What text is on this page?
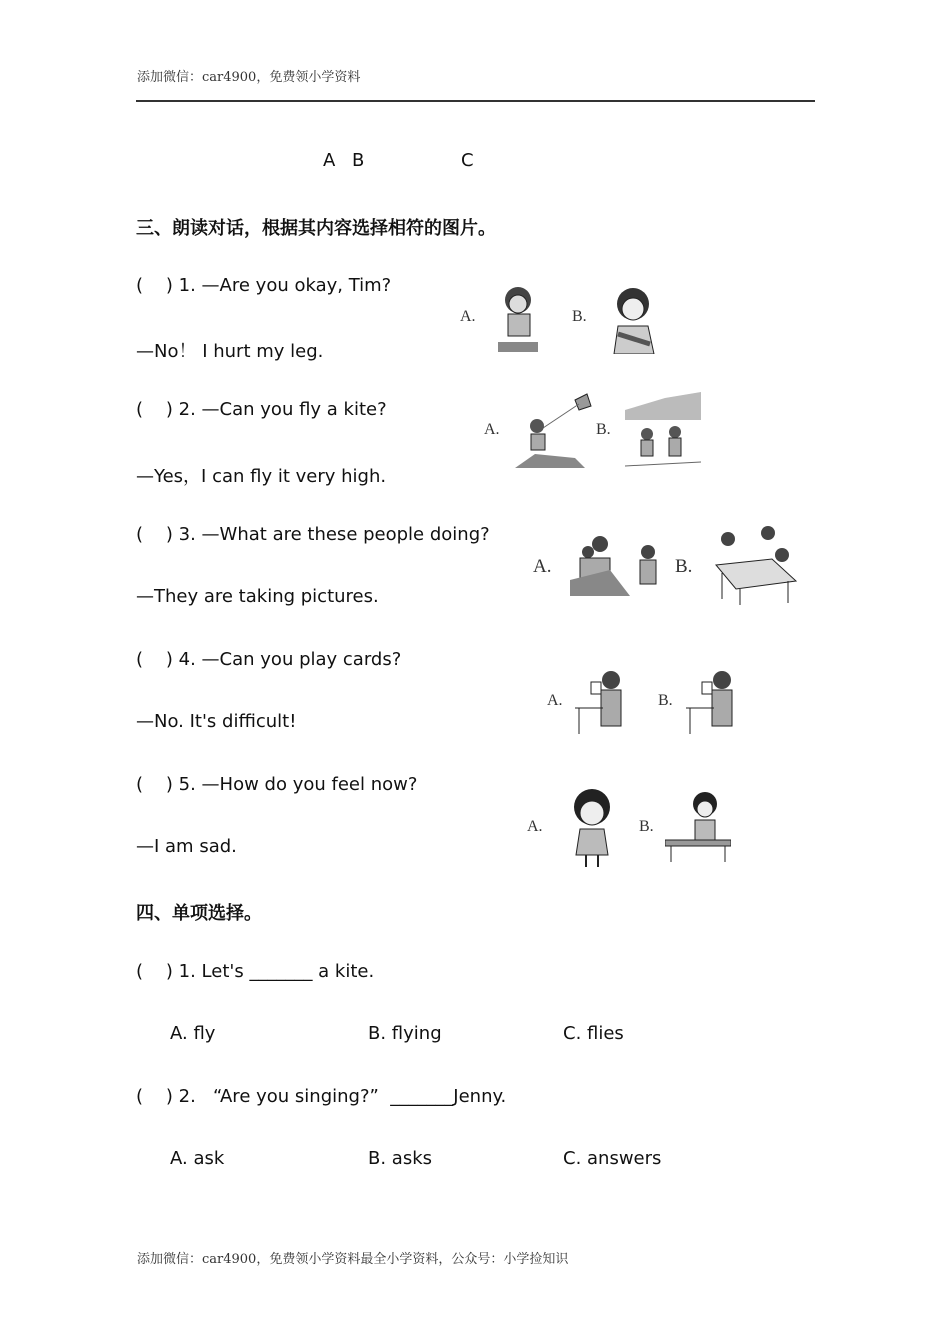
添加微信：car4900，免费领小学资料
A B	C
三、朗读对话，根据其内容选择相符的图片。
(    ) 1. —Are you okay, Tim?
—No！ I hurt my leg.
(    ) 2. —Can you fly a kite?
—Yes，I can fly it very high.
(    ) 3. —What are these people doing?
—They are taking pictures.
(    ) 4. —Can you play cards?
—No. It's difficult!
(    ) 5. —How do you feel now?
—I am sad.
A.	B.
A.	B.
A.	B.
A.	B.
A.	B.
四、单项选择。
(    ) 1. Let's _______ a kite.
A. fly	B. flying	C. flies
(    ) 2.   “Are you singing?”  _______Jenny.
A. ask	B. asks	C. answers
添加微信：car4900，免费领小学资料最全小学资料，公众号：小学捡知识
